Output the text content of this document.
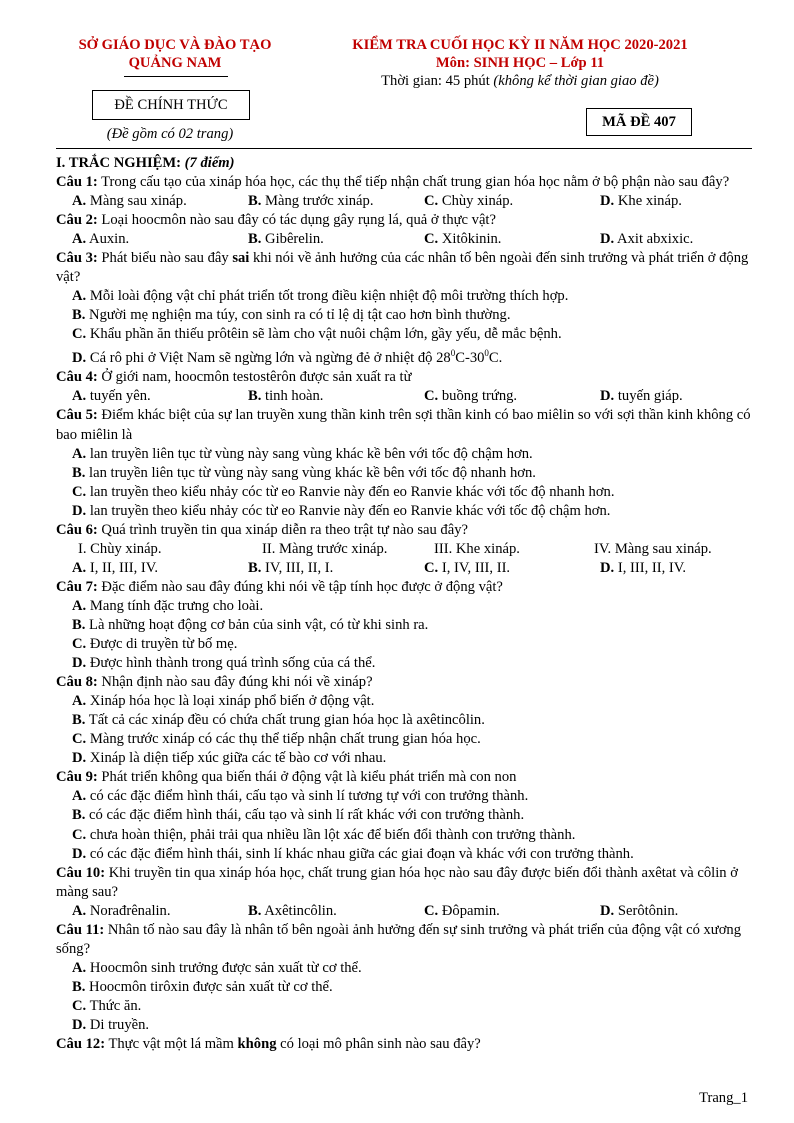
SỞ GIÁO DỤC VÀ ĐÀO TẠO
QUẢNG NAM
KIỂM TRA CUỐI HỌC KỲ II NĂM HỌC 2020-2021
Môn: SINH HỌC – Lớp 11
Thời gian: 45 phút (không kể thời gian giao đề)
ĐỀ CHÍNH THỨC
(Đề gồm có 02 trang)
MÃ ĐỀ 407

I. TRẮC NGHIỆM: (7 điểm)

Câu 1: Trong cấu tạo của xináp hóa học, các thụ thể tiếp nhận chất trung gian hóa học nằm ở bộ phận nào sau đây?

A. Màng sau xináp.	B. Màng trước xináp.	C. Chùy xináp.	D. Khe xináp.

Câu 2: Loại hoocmôn nào sau đây có tác dụng gây rụng lá, quả ở thực vật?

A. Auxin.	B. Gibêrelin.	C. Xitôkinin.	D. Axit abxixic.

Câu 3: Phát biểu nào sau đây sai khi nói về ảnh hưởng của các nhân tố bên ngoài đến sinh trưởng và phát triển ở động vật?

A. Mỗi loài động vật chỉ phát triển tốt trong điều kiện nhiệt độ môi trường thích hợp.

B. Người mẹ nghiện ma túy, con sinh ra có tỉ lệ dị tật cao hơn bình thường.

C. Khẩu phần ăn thiếu prôtêin sẽ làm cho vật nuôi chậm lớn, gầy yếu, dễ mắc bệnh.

D. Cá rô phi ở Việt Nam sẽ ngừng lớn và ngừng đẻ ở nhiệt độ $28^0C-30^0C$.

Câu 4: Ở giới nam, hoocmôn testostêrôn được sản xuất ra từ

A. tuyến yên.	B. tinh hoàn.	C. buồng trứng.	D. tuyến giáp.

Câu 5: Điểm khác biệt của sự lan truyền xung thần kinh trên sợi thần kinh có bao miêlin so với sợi thần kinh không có bao miêlin là

A. lan truyền liên tục từ vùng này sang vùng khác kề bên với tốc độ chậm hơn.

B. lan truyền liên tục từ vùng này sang vùng khác kề bên với tốc độ nhanh hơn.

C. lan truyền theo kiểu nhảy cóc từ eo Ranvie này đến eo Ranvie khác với tốc độ nhanh hơn.

D. lan truyền theo kiểu nhảy cóc từ eo Ranvie này đến eo Ranvie khác với tốc độ chậm hơn.

Câu 6: Quá trình truyền tin qua xináp diễn ra theo trật tự nào sau đây?

I. Chùy xináp.	II. Màng trước xináp.	III. Khe xináp.	IV. Màng sau xináp.
A. I, II, III, IV.	B. IV, III, II, I.	C. I, IV, III, II.	D. I, III, II, IV.

Câu 7: Đặc điểm nào sau đây đúng khi nói về tập tính học được ở động vật?

A. Mang tính đặc trưng cho loài.

B. Là những hoạt động cơ bản của sinh vật, có từ khi sinh ra.

C. Được di truyền từ bố mẹ.

D. Được hình thành trong quá trình sống của cá thể.

Câu 8: Nhận định nào sau đây đúng khi nói về xináp?

A. Xináp hóa học là loại xináp phổ biến ở động vật.

B. Tất cả các xináp đều có chứa chất trung gian hóa học là axêtincôlin.

C. Màng trước xináp có các thụ thể tiếp nhận chất trung gian hóa học.

D. Xináp là diện tiếp xúc giữa các tế bào cơ với nhau.

Câu 9: Phát triển không qua biến thái ở động vật là kiểu phát triển mà con non

A. có các đặc điểm hình thái, cấu tạo và sinh lí tương tự với con trưởng thành.

B. có các đặc điểm hình thái, cấu tạo và sinh lí rất khác với con trưởng thành.

C. chưa hoàn thiện, phải trải qua nhiều lần lột xác để biến đổi thành con trưởng thành.

D. có các đặc điểm hình thái, sinh lí khác nhau giữa các giai đoạn và khác với con trưởng thành.

Câu 10: Khi truyền tin qua xináp hóa học, chất trung gian hóa học nào sau đây được biến đổi thành axêtat và côlin ở màng sau?

A. Norađrênalin.	B. Axêtincôlin.	C. Đôpamin.	D. Serôtônin.

Câu 11: Nhân tố nào sau đây là nhân tố bên ngoài ảnh hưởng đến sự sinh trưởng và phát triển của động vật có xương sống?

A. Hoocmôn sinh trưởng được sản xuất từ cơ thể.

B. Hoocmôn tirôxin được sản xuất từ cơ thể.

C. Thức ăn.

D. Di truyền.

Câu 12: Thực vật một lá mầm không có loại mô phân sinh nào sau đây?

Trang_1
